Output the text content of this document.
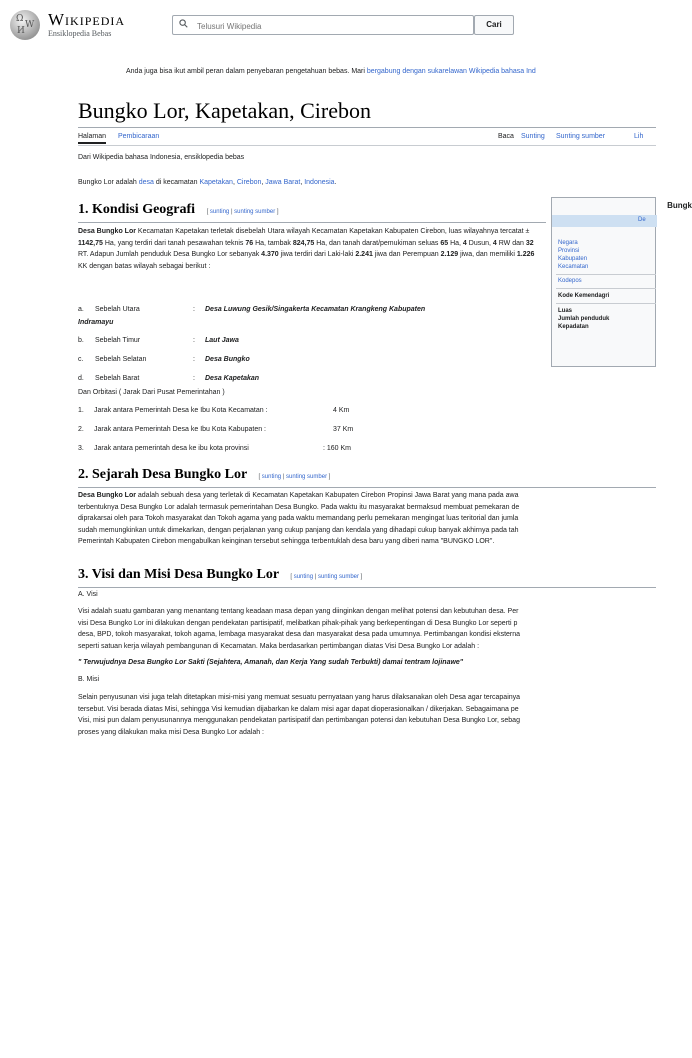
Ω
W
И
Wikipedia
Ensiklopedia Bebas
Telusuri Wikipedia
Cari
Anda juga bisa ikut ambil peran dalam penyebaran pengetahuan bebas. Mari bergabung dengan sukarelawan Wikipedia bahasa Ind
Bungko Lor, Kapetakan, Cirebon
Halaman Pembicaraan	Baca Sunting Sunting sumber	Lih
Dari Wikipedia bahasa Indonesia, ensiklopedia bebas
Bungko Lor adalah desa di kecamatan Kapetakan, Cirebon, Jawa Barat, Indonesia.
1. Kondisi Geografi [ sunting | sunting sumber ]
Desa Bungko Lor Kecamatan Kapetakan terletak disebelah Utara wilayah Kecamatan Kapetakan Kabupaten Cirebon, luas wilayahnya tercatat ± 1142,75 Ha, yang terdiri dari tanah pesawahan teknis 76 Ha, tambak 824,75 Ha, dan tanah darat/pemukiman seluas 65 Ha, 4 Dusun, 4 RW dan 32 RT. Adapun Jumlah penduduk Desa Bungko Lor sebanyak 4.370 jiwa terdiri dari Laki-laki 2.241 jiwa dan Perempuan 2.129 jiwa, dan memiliki 1.226 KK dengan batas wilayah sebagai berikut :
a. Sebelah Utara	: Desa Luwung Gesik/Singakerta Kecamatan Krangkeng Kabupaten
Indramayu
b. Sebelah Timur	: Laut Jawa
c. Sebelah Selatan	: Desa Bungko
d. Sebelah Barat	: Desa Kapetakan
Dan Orbitasi ( Jarak Dari Pusat Pemerintahan )
1. Jarak antara Pemerintah Desa ke Ibu Kota Kecamatan :	4 Km
2. Jarak antara Pemerintah Desa ke Ibu Kota Kabupaten :	37 Km
3. Jarak antara pemerintah desa ke ibu kota provinsi	: 160 Km
2. Sejarah Desa Bungko Lor [ sunting | sunting sumber ]
Desa Bungko Lor adalah sebuah desa yang terletak di Kecamatan Kapetakan Kabupaten Cirebon Propinsi Jawa Barat yang mana pada awa
terbentuknya Desa Bungko Lor adalah termasuk pemerintahan Desa Bungko. Pada waktu itu masyarakat bermaksud membuat pemekaran de
diprakarsai oleh para Tokoh masyarakat dan Tokoh agama yang pada waktu memandang perlu pemekaran mengingat luas teritorial dan jumla
sudah memungkinkan untuk dimekarkan, dengan perjalanan yang cukup panjang dan kendala yang dihadapi cukup banyak akhirnya pada tah
Pemerintah Kabupaten Cirebon mengabulkan keinginan tersebut sehingga terbentuklah desa baru yang diberi nama "BUNGKO LOR".
3. Visi dan Misi Desa Bungko Lor [ sunting | sunting sumber ]
A. Visi
Visi adalah suatu gambaran yang menantang tentang keadaan masa depan yang diinginkan dengan melihat potensi dan kebutuhan desa. Per
visi Desa Bungko Lor ini dilakukan dengan pendekatan partisipatif, melibatkan pihak-pihak yang berkepentingan di Desa Bungko Lor seperti p
desa, BPD, tokoh masyarakat, tokoh agama, lembaga masyarakat desa dan masyarakat desa pada umumnya. Pertimbangan kondisi eksterna
seperti satuan kerja wilayah pembangunan di Kecamatan. Maka berdasarkan pertimbangan diatas Visi Desa Bungko Lor adalah :
" Terwujudnya Desa Bungko Lor Sakti (Sejahtera, Amanah, dan Kerja Yang sudah Terbukti) damai tentram lojinawe"
B. Misi
Selain penyusunan visi juga telah ditetapkan misi-misi yang memuat sesuatu pernyataan yang harus dilaksanakan oleh Desa agar tercapainya
tersebut. Visi berada diatas Misi, sehingga Visi kemudian dijabarkan ke dalam misi agar dapat dioperasionalkan / dikerjakan. Sebagaimana pe
Visi, misi pun dalam penyusunannya menggunakan pendekatan partisipatif dan pertimbangan potensi dan kebutuhan Desa Bungko Lor, sebag
proses yang dilakukan maka misi Desa Bungko Lor adalah :
Bungk
De
Negara
Provinsi
Kabupaten
Kecamatan
Kodepos
Kode Kemendagri
Luas
Jumlah penduduk
Kepadatan
